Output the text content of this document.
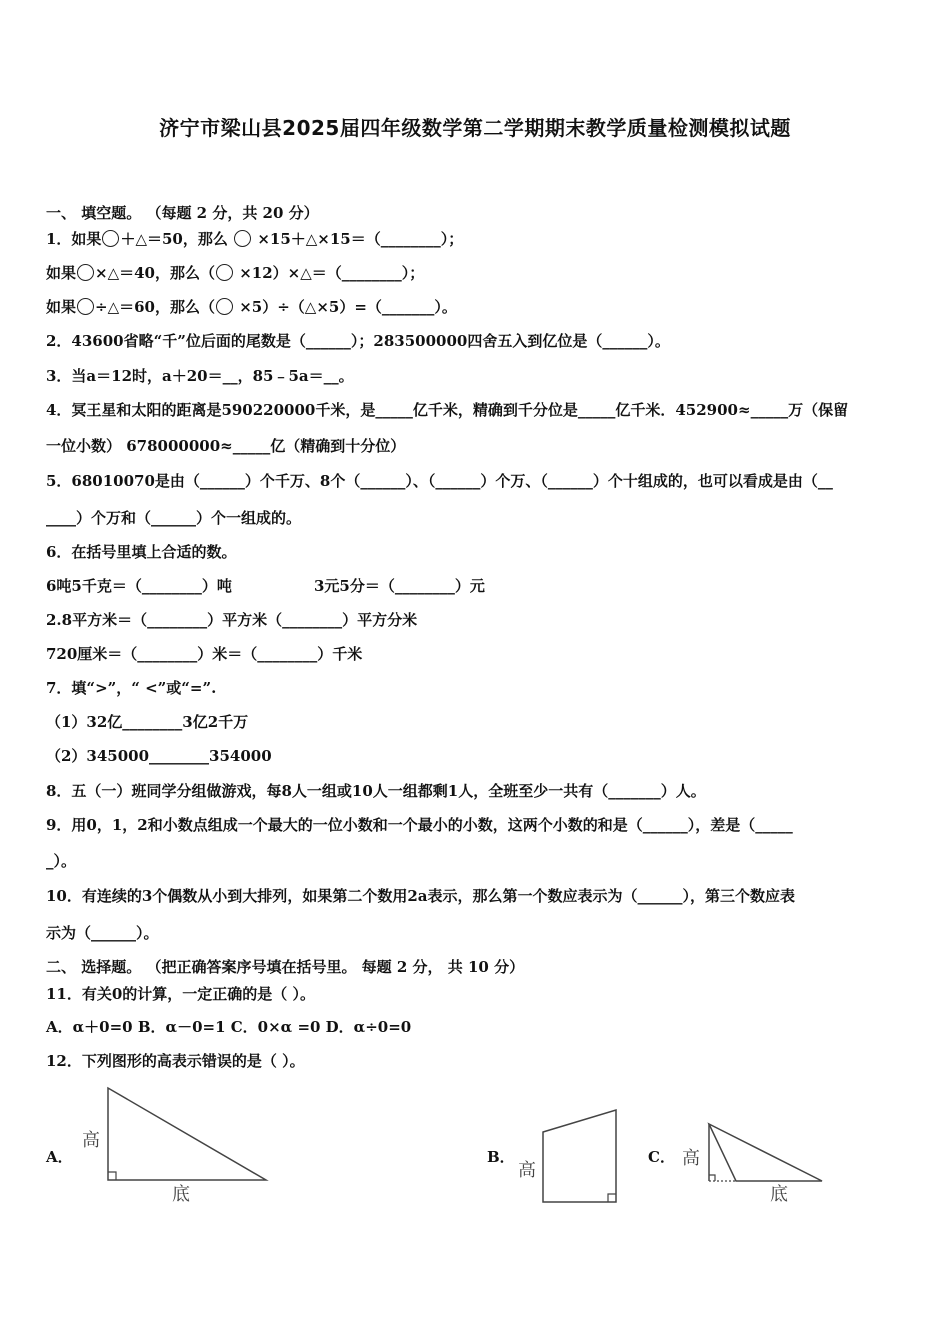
济宁市梁山县2025届四年级数学第二学期期末教学质量检测模拟试题
一、 填空题。 （每题 2 分，共 20 分）
1．如果 ＋△＝50，那么 ×15＋△×15＝（________）；
如果 ×△＝40，那么（ ×12）×△＝（________）；
如果 ÷△＝60，那么（ ×5）÷（△×5）=（_______）。
2．43600省略“千”位后面的尾数是（______）；283500000四舍五入到亿位是（______）。
3．当a＝12时，a＋20＝__，85﹣5a＝__。
4．冥王星和太阳的距离是590220000千米，是_____亿千米，精确到千分位是_____亿千米．452900≈_____万（保留
一位小数） 678000000≈_____亿（精确到十分位）
5．68010070是由（______）个千万、8个（______）、（______）个万、（______）个十组成的，也可以看成是由（__
____）个万和（______）个一组成的。
6．在括号里填上合适的数。
6吨5千克＝（________）吨	3元5分＝（________）元
2.8平方米＝（________）平方米（________）平方分米
720厘米＝（________）米＝（________）千米
7．填“>”，“ <”或“=”.
（1）32亿________3亿2千万
（2）345000________354000
8．五（一）班同学分组做游戏，每8人一组或10人一组都剩1人，全班至少一共有（_______）人。
9．用0，1，2和小数点组成一个最大的一位小数和一个最小的小数，这两个小数的和是（______），差是（_____
_）。
10．有连续的3个偶数从小到大排列，如果第二个数用2a表示，那么第一个数应表示为（______），第三个数应表
示为（______）。
二、 选择题。 （把正确答案序号填在括号里。 每题 2 分， 共 10 分）
11．有关0的计算，一定正确的是（ ）。
A．α＋0=0 B．α－0=1 C．0×α =0 D．α÷0=0
12．下列图形的高表示错误的是（ ）。
A．	B．	C．
高
底
高
高
底
